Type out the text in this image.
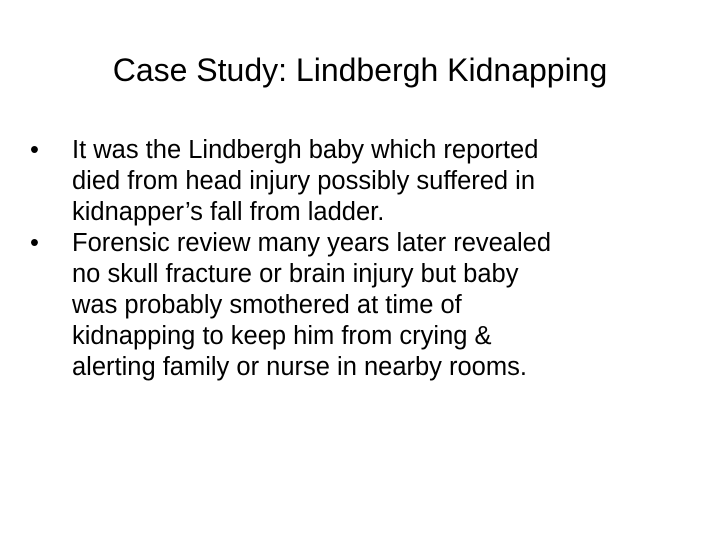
Case Study: Lindbergh Kidnapping
• It was the Lindbergh baby which reported
died from head injury possibly suffered in
kidnapper’s fall from ladder.
• Forensic review many years later revealed
no skull fracture or brain injury but baby
was probably smothered at time of
kidnapping to keep him from crying &
alerting family or nurse in nearby rooms.
